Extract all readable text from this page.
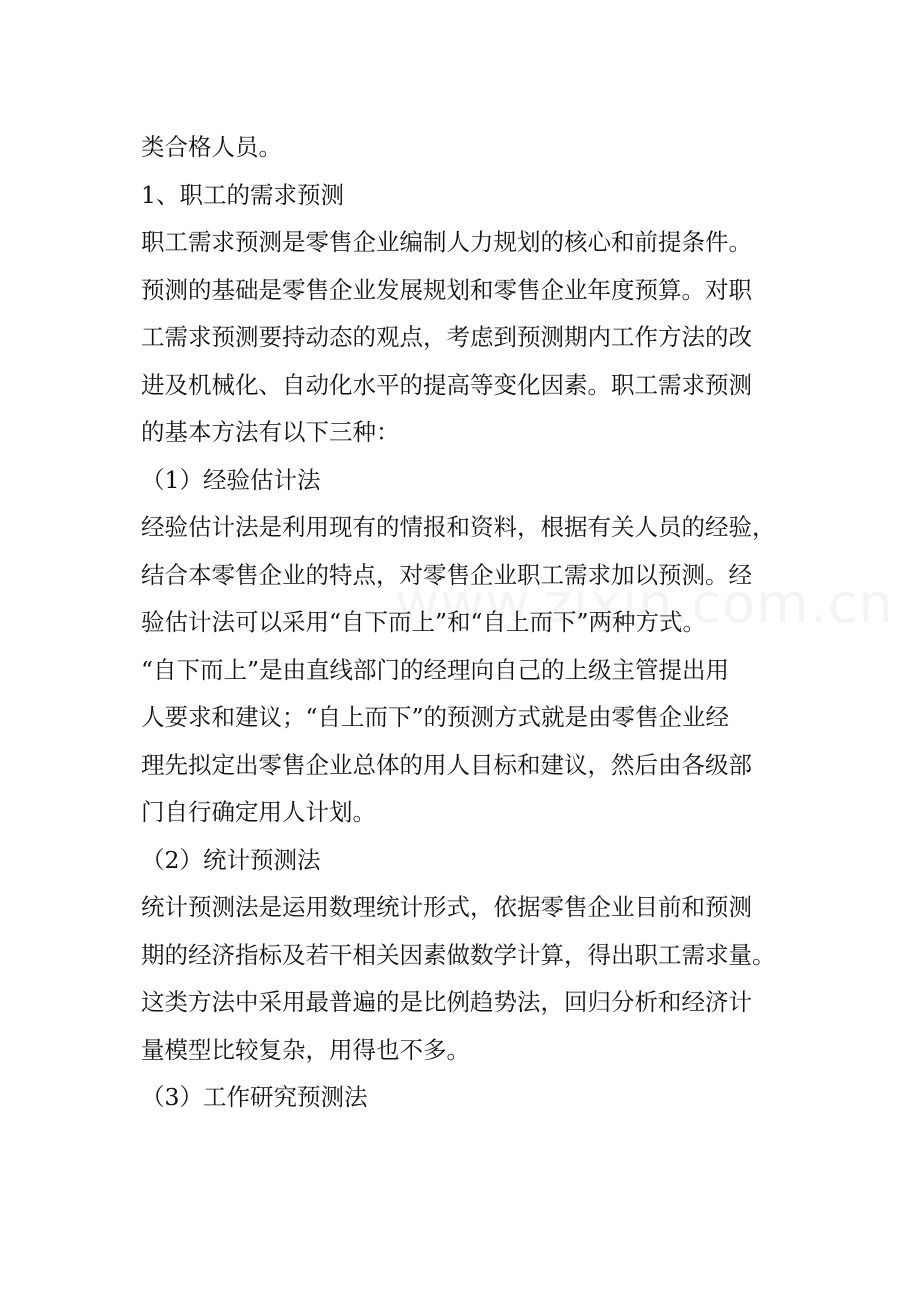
类合格人员。
1、职工的需求预测
职工需求预测是零售企业编制人力规划的核心和前提条件。
预测的基础是零售企业发展规划和零售企业年度预算。对职
工需求预测要持动态的观点，考虑到预测期内工作方法的改
进及机械化、自动化水平的提高等变化因素。职工需求预测
的基本方法有以下三种：
（1）经验估计法
经验估计法是利用现有的情报和资料，根据有关人员的经验，
结合本零售企业的特点，对零售企业职工需求加以预测。经
验估计法可以采用“自下而上”和“自上而下”两种方式。
“自下而上”是由直线部门的经理向自己的上级主管提出用
人要求和建议；“自上而下”的预测方式就是由零售企业经
理先拟定出零售企业总体的用人目标和建议，然后由各级部
门自行确定用人计划。
（2）统计预测法
统计预测法是运用数理统计形式，依据零售企业目前和预测
期的经济指标及若干相关因素做数学计算，得出职工需求量。
这类方法中采用最普遍的是比例趋势法，回归分析和经济计
量模型比较复杂，用得也不多。
（3）工作研究预测法
